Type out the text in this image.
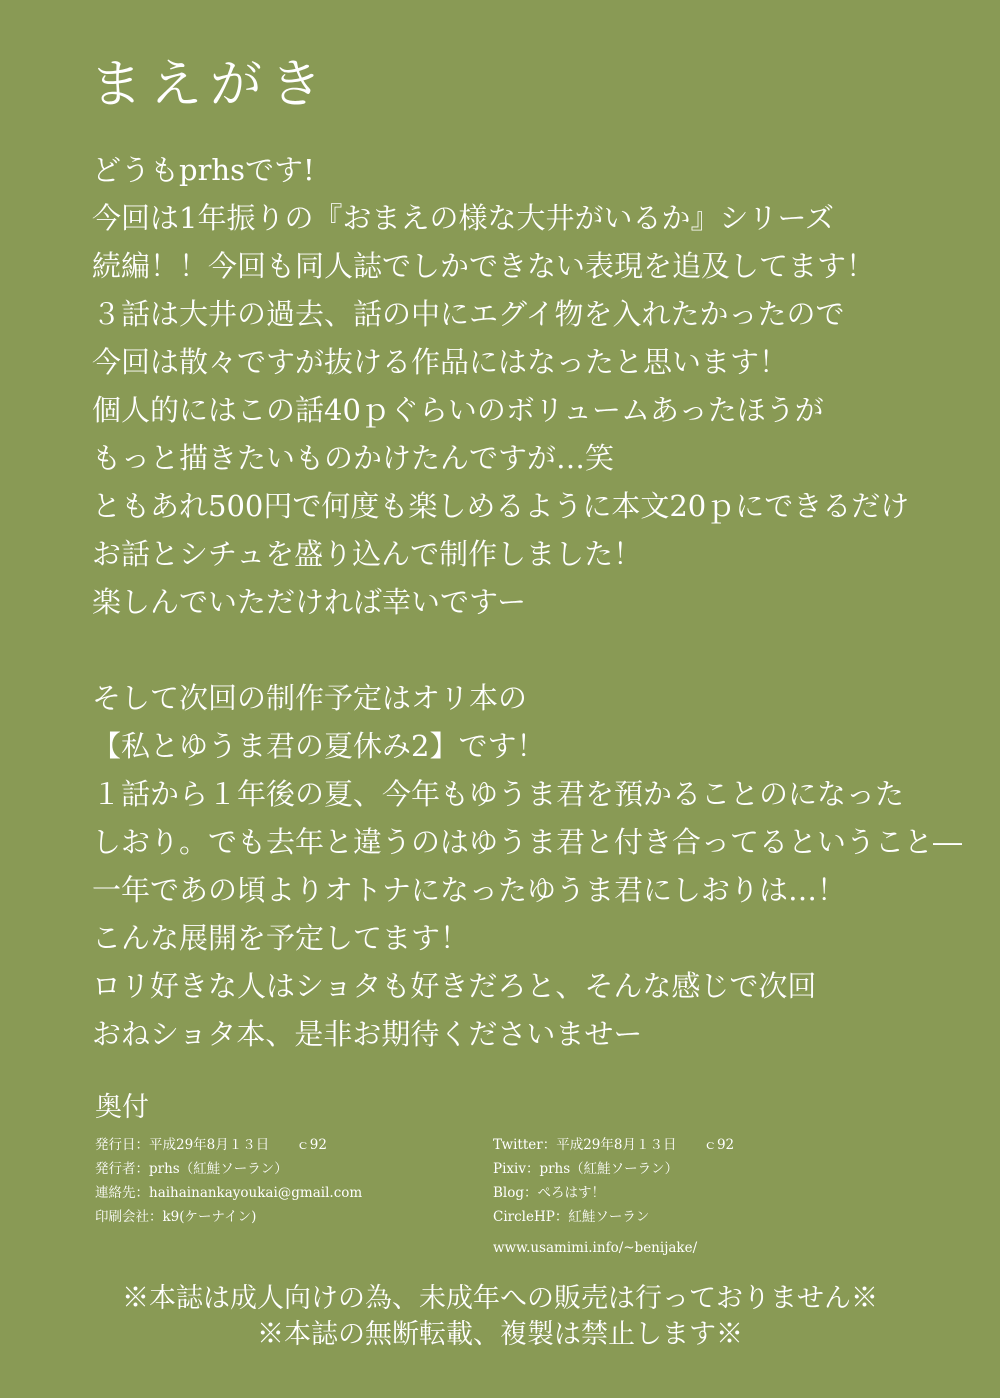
まえがき
どうもprhsです!
今回は1年振りの『おまえの様な大井がいるか』シリーズ
続編！！今回も同人誌でしかできない表現を追及してます！
３話は大井の過去、話の中にエグイ物を入れたかったので
今回は散々ですが抜ける作品にはなったと思います！
個人的にはこの話40ｐぐらいのボリュームあったほうが
もっと描きたいものかけたんですが…笑
ともあれ500円で何度も楽しめるように本文20ｐにできるだけ
お話とシチュを盛り込んで制作しました！
楽しんでいただければ幸いですー
そして次回の制作予定はオリ本の
【私とゆうま君の夏休み2】です！
１話から１年後の夏、今年もゆうま君を預かることのになった
しおり。でも去年と違うのはゆうま君と付き合ってるということ―
一年であの頃よりオトナになったゆうま君にしおりは…！
こんな展開を予定してます！
ロリ好きな人はショタも好きだろと、そんな感じで次回
おねショタ本、是非お期待くださいませー
奥付
発行日：平成29年8月１３日　　ｃ92
発行者：prhs（紅鮭ソーラン）
連絡先：haihainankayoukai@gmail.com
印刷会社：k9(ケーナイン)
Twitter：平成29年8月１３日　　ｃ92
Pixiv：prhs（紅鮭ソーラン）
Blog：ぺろはす！
CircleHP：紅鮭ソーラン
www.usamimi.info/~benijake/
※本誌は成人向けの為、未成年への販売は行っておりません※
※本誌の無断転載、複製は禁止します※
